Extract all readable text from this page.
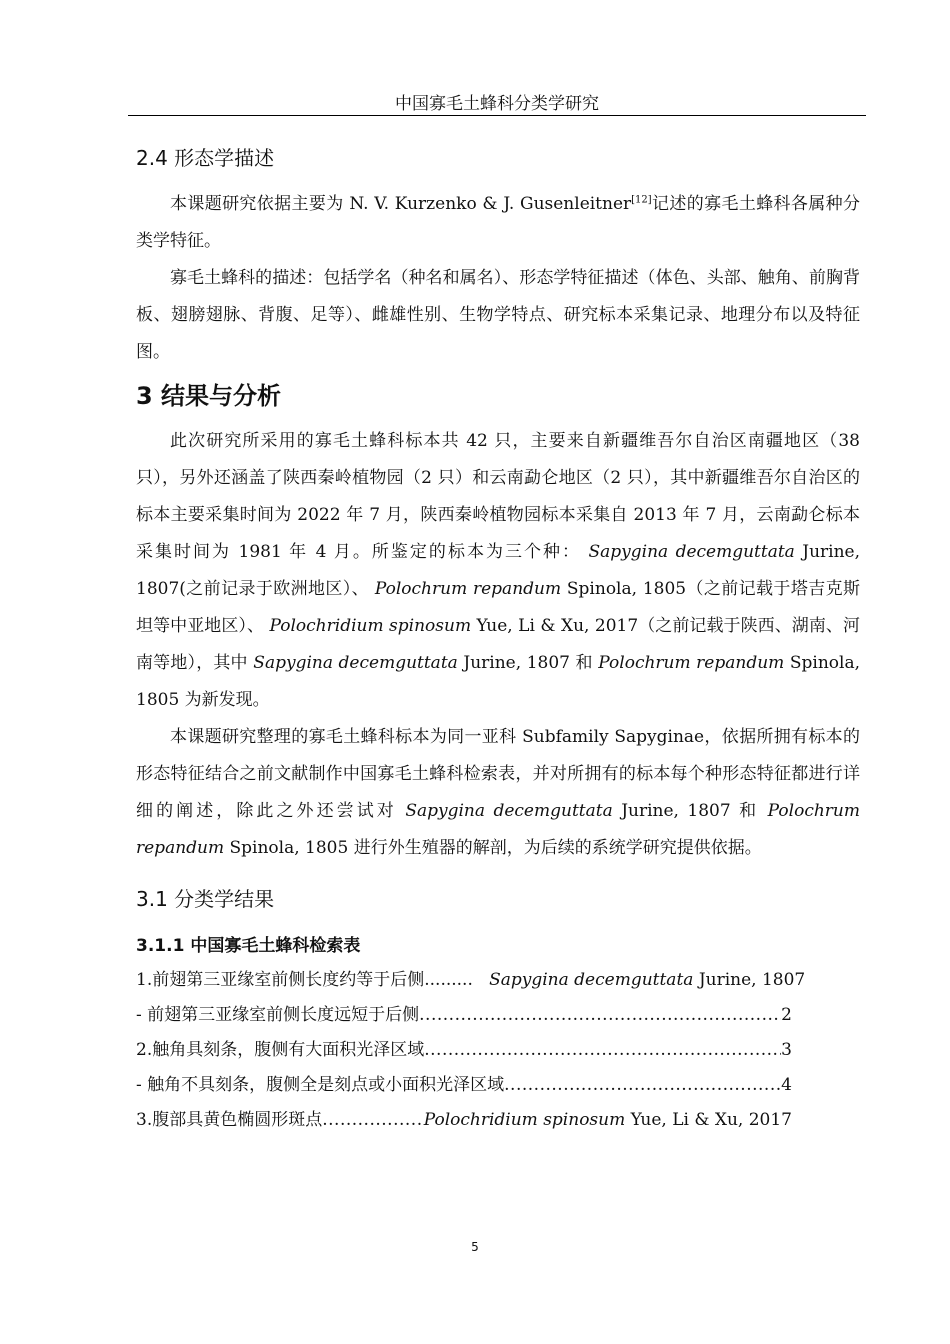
中国寡毛土蜂科分类学研究
2.4 形态学描述

本课题研究依据主要为 N. V. Kurzenko & J. Gusenleitner[12]记述的寡毛土蜂科各属种分类学特征。

寡毛土蜂科的描述：包括学名（种名和属名）、形态学特征描述（体色、头部、触角、前胸背板、翅膀翅脉、背腹、足等）、雌雄性别、生物学特点、研究标本采集记录、地理分布以及特征图。

3 结果与分析

此次研究所采用的寡毛土蜂科标本共 42 只，主要来自新疆维吾尔自治区南疆地区（38 只），另外还涵盖了陕西秦岭植物园（2 只）和云南勐仑地区（2 只），其中新疆维吾尔自治区的标本主要采集时间为 2022 年 7 月，陕西秦岭植物园标本采集自 2013 年 7 月，云南勐仑标本采集时间为 1981 年 4 月。所鉴定的标本为三个种： Sapygina decemguttata Jurine, 1807(之前记录于欧洲地区）、 Polochrum repandum Spinola, 1805（之前记载于塔吉克斯坦等中亚地区）、 Polochridium spinosum Yue, Li & Xu, 2017（之前记载于陕西、湖南、河南等地），其中 Sapygina decemguttata Jurine, 1807 和 Polochrum repandum Spinola, 1805 为新发现。

本课题研究整理的寡毛土蜂科标本为同一亚科 Subfamily Sapyginae，依据所拥有标本的形态特征结合之前文献制作中国寡毛土蜂科检索表，并对所拥有的标本每个种形态特征都进行详细的阐述，除此之外还尝试对 Sapygina decemguttata Jurine, 1807 和 Polochrum repandum Spinola, 1805 进行外生殖器的解剖，为后续的系统学研究提供依据。

3.1 分类学结果
3.1.1 中国寡毛土蜂科检索表
1.前翅第三亚缘室前侧长度约等于后侧 ......... Sapygina decemguttata Jurine, 1807
- 前翅第三亚缘室前侧长度远短于后侧 .....	2
2.触角具刻条，腹侧有大面积光泽区域 .....	3
- 触角不具刻条，腹侧全是刻点或小面积光泽区域 .....	4
3.腹部具黄色椭圆形斑点 .....	Polochridium spinosum Yue, Li & Xu, 2017
5
